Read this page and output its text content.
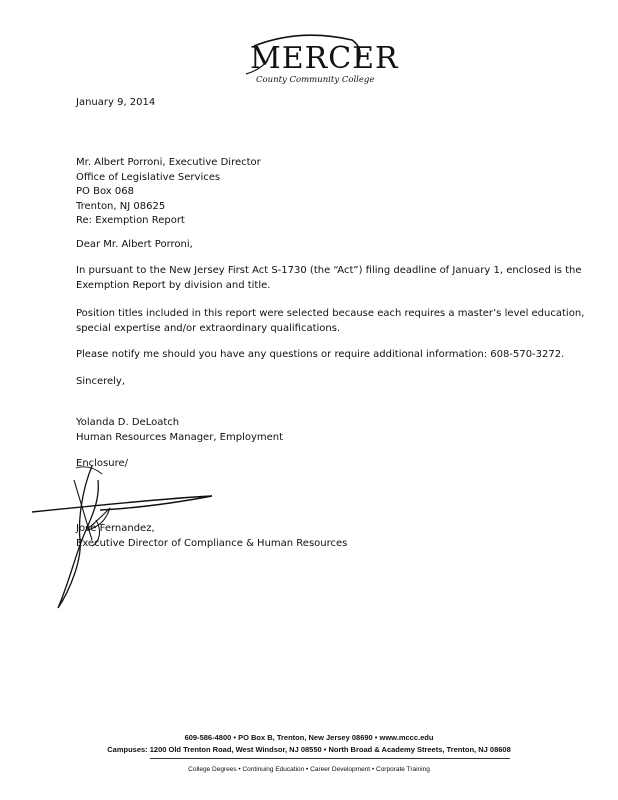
MERCER
County Community College
January 9, 2014
Mr. Albert Porroni, Executive Director
Office of Legislative Services
PO Box 068
Trenton, NJ 08625
Re: Exemption Report
Dear Mr. Albert Porroni,
In pursuant to the New Jersey First Act S-1730 (the “Act”) filing deadline of January 1, enclosed is the
Exemption Report by division and title.
Position titles included in this report were selected because each requires a master’s level education,
special expertise and/or extraordinary qualifications.
Please notify me should you have any questions or require additional information: 608-570-3272.
Sincerely,
Yolanda D. DeLoatch
Human Resources Manager, Employment
Enclosure/
José Fernandez,
Executive Director of Compliance & Human Resources
609-586-4800 • PO Box B, Trenton, New Jersey 08690 • www.mccc.edu
Campuses: 1200 Old Trenton Road, West Windsor, NJ 08550 • North Broad & Academy Streets, Trenton, NJ 08608
College Degrees • Continuing Education • Career Development • Corporate Training
